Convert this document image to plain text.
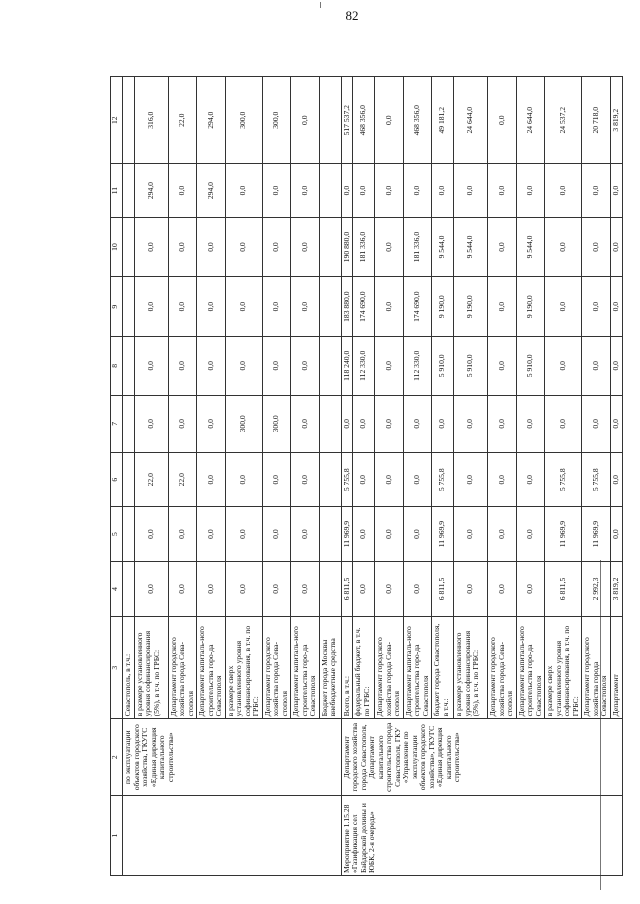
82
1	2	3	4	5	6	7	8	9	10	11	12
	по эксплуатации объектов городского хозяйства, ГКУГС «Единая дирекция капитального строительства»	Севастополь, в т.ч.:									
		в размере установленного уровня софинансирования (5%), в т.ч. по ГРБС:	0,0	0,0	22,0	0,0	0,0	0,0	0,0	294,0	316,0
		Департамент городского хозяйства города Сева-стополя	0,0	0,0	22,0	0,0	0,0	0,0	0,0	0,0	22,0
		Департамент капиталь-ного строительства горо-да Севастополя	0,0	0,0	0,0	0,0	0,0	0,0	0,0	294,0	294,0
		в размере сверх установленного уровня софинансирования, в т.ч. по ГРБС:	0,0	0,0	0,0	300,0	0,0	0,0	0,0	0,0	300,0
		Департамент городского хозяйства города Сева-стополя	0,0	0,0	0,0	300,0	0,0	0,0	0,0	0,0	300,0
		Департамент капиталь-ного строительства горо-да Севастополя	0,0	0,0	0,0	0,0	0,0	0,0	0,0	0,0	0,0
		Бюджет города Москвы внебюджетные средства									
Мероприятие 1.15.28 «Газификация сел Байдарской долины и ЮБК, 2-я очередь»	Департамент городского хозяйства города Севастополя, Департамент капитального строительства города Севастополя, ГКУ «Управление по эксплуатации объектов городского хозяйства», ГКУГС «Единая дирекция капитального строительства»	Всего, в т.ч.:	6 811,5	11 969,9	5 755,8	0,0	118 240,0	183 880,0	190 880,0	0,0	517 537,2
		федеральный бюджет, в т.ч. по ГРБС:	0,0	0,0	0,0	0,0	112 330,0	174 690,0	181 336,0	0,0	468 356,0
		Департамент городского хозяйства города Сева-стополя	0,0	0,0	0,0	0,0	0,0	0,0	0,0	0,0	0,0
		Департамент капиталь-ного строительства горо-да Севастополя	0,0	0,0	0,0	0,0	112 330,0	174 690,0	181 336,0	0,0	468 356,0
		бюджет города Севастополя, в т.ч.:	6 811,5	11 969,9	5 755,8	0,0	5 910,0	9 190,0	9 544,0	0,0	49 181,2
		в размере установленного уровня софинансирования (5%), в т.ч. по ГРБС:	0,0	0,0	0,0	0,0	5 910,0	9 190,0	9 544,0	0,0	24 644,0
		Департамент городского хозяйства города Сева-стополя	0,0	0,0	0,0	0,0	0,0	0,0	0,0	0,0	0,0
		Департамент капиталь-ного строительства горо-да Севастополя	0,0	0,0	0,0	0,0	5 910,0	9 190,0	9 544,0	0,0	24 644,0
		в размере сверх установленного уровня софинансирования, в т.ч. по ГРБС:	6 811,5	11 969,9	5 755,8	0,0	0,0	0,0	0,0	0,0	24 537,2
		Департамент городского хозяйства города Севастополя	2 992,3	11 969,9	5 755,8	0,0	0,0	0,0	0,0	0,0	20 718,0
		Департамент	3 819,2	0,0	0,0	0,0	0,0	0,0	0,0	0,0	3 819,2
